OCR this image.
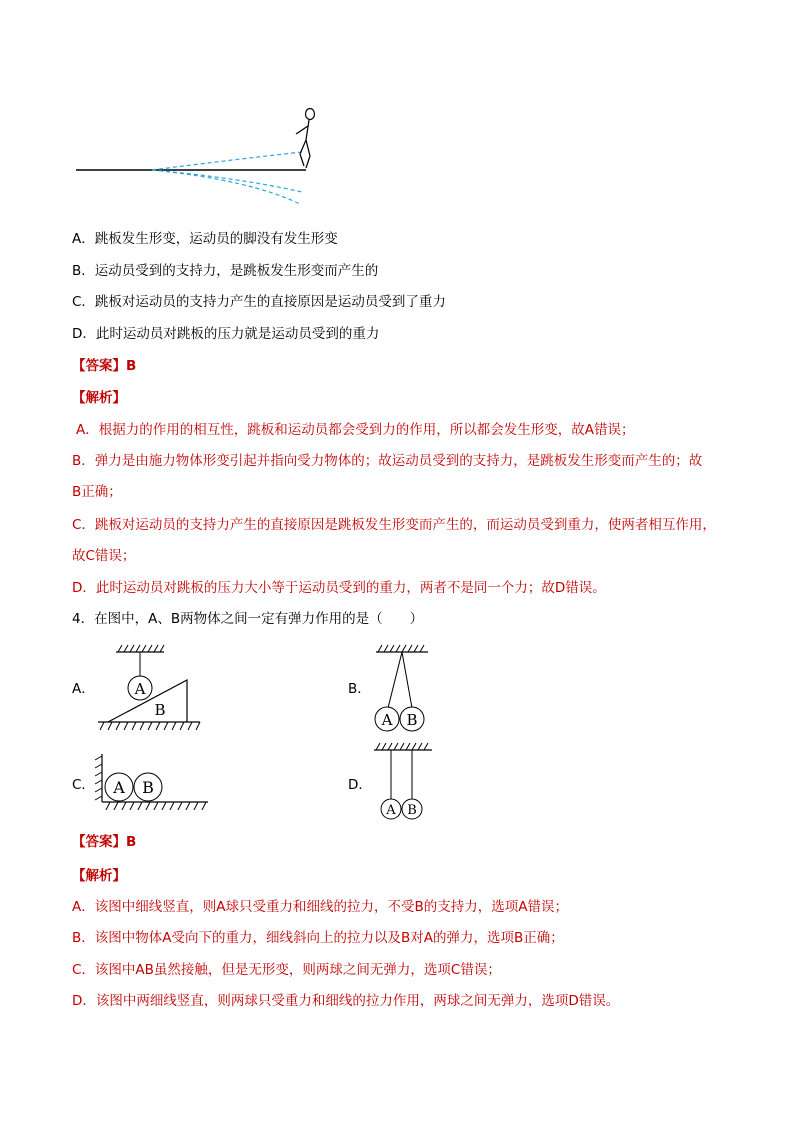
A．跳板发生形变，运动员的脚没有发生形变
B．运动员受到的支持力，是跳板发生形变而产生的
C．跳板对运动员的支持力产生的直接原因是运动员受到了重力
D．此时运动员对跳板的压力就是运动员受到的重力
【答案】B
【解析】
A．根据力的作用的相互性，跳板和运动员都会受到力的作用，所以都会发生形变，故A错误；
B．弹力是由施力物体形变引起并指向受力物体的；故运动员受到的支持力，是跳板发生形变而产生的；故
B正确；
C．跳板对运动员的支持力产生的直接原因是跳板发生形变而产生的，而运动员受到重力，使两者相互作用，
故C错误；
D．此时运动员对跳板的压力大小等于运动员受到的重力，两者不是同一个力；故D错误。
4．在图中，A、B两物体之间一定有弹力作用的是（　　）
A．	B．
C．	D．
A
B
A B
A B
A B
【答案】B
【解析】
A．该图中细线竖直，则A球只受重力和细线的拉力，不受B的支持力，选项A错误；
B．该图中物体A受向下的重力，细线斜向上的拉力以及B对A的弹力，选项B正确；
C．该图中AB虽然接触，但是无形变，则两球之间无弹力，选项C错误；
D．该图中两细线竖直，则两球只受重力和细线的拉力作用，两球之间无弹力，选项D错误。
